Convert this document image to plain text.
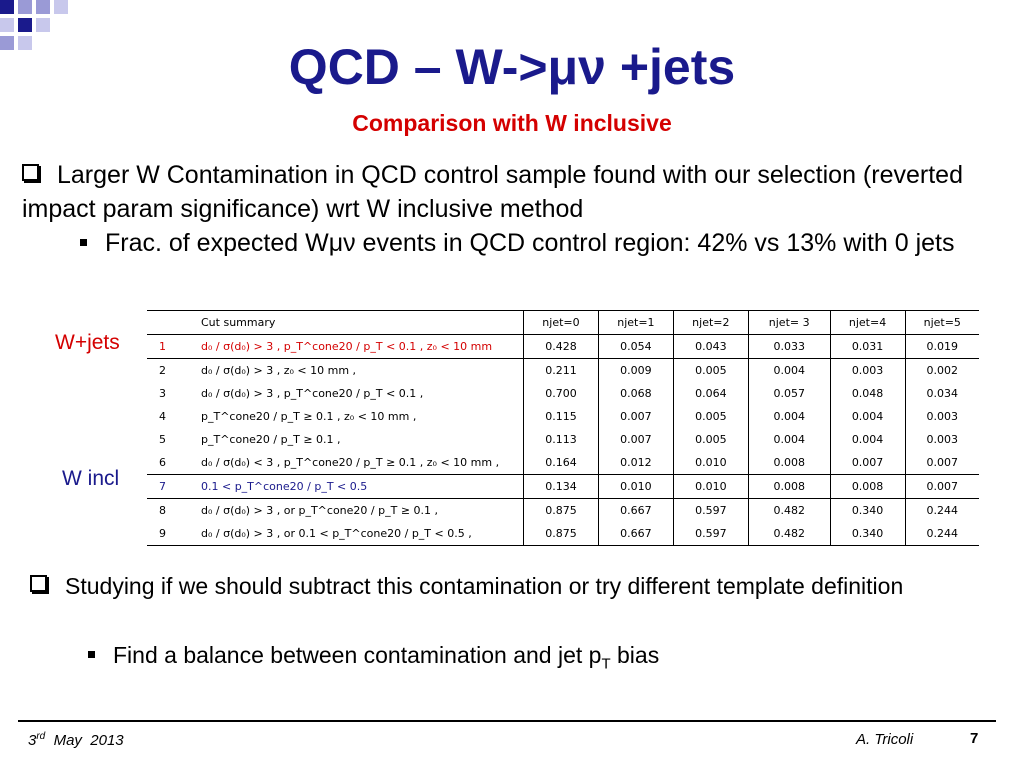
QCD – W->μν +jets
Comparison with W inclusive
Larger W Contamination in QCD control sample found with our selection (reverted impact param significance) wrt W inclusive method
Frac. of expected Wμν events in QCD control region: 42% vs 13% with 0 jets
W+jets
W incl
	Cut summary	njet=0	njet=1	njet=2	njet= 3	njet=4	njet=5
1	d₀ / σ(d₀) > 3 , p_T^cone20 / p_T < 0.1 , z₀ < 10 mm	0.428	0.054	0.043	0.033	0.031	0.019
2	d₀ / σ(d₀) > 3 , z₀ < 10 mm ,	0.211	0.009	0.005	0.004	0.003	0.002
3	d₀ / σ(d₀) > 3 , p_T^cone20 / p_T < 0.1 ,	0.700	0.068	0.064	0.057	0.048	0.034
4	p_T^cone20 / p_T ≥ 0.1 , z₀ < 10 mm ,	0.115	0.007	0.005	0.004	0.004	0.003
5	p_T^cone20 / p_T ≥ 0.1 ,	0.113	0.007	0.005	0.004	0.004	0.003
6	d₀ / σ(d₀) < 3 , p_T^cone20 / p_T ≥ 0.1 , z₀ < 10 mm ,	0.164	0.012	0.010	0.008	0.007	0.007
7	0.1 < p_T^cone20 / p_T < 0.5	0.134	0.010	0.010	0.008	0.008	0.007
8	d₀ / σ(d₀) > 3 , or p_T^cone20 / p_T ≥ 0.1 ,	0.875	0.667	0.597	0.482	0.340	0.244
9	d₀ / σ(d₀) > 3 , or 0.1 < p_T^cone20 / p_T < 0.5 ,	0.875	0.667	0.597	0.482	0.340	0.244
Studying if we should subtract this contamination or try different template definition
Find a balance between contamination and jet $p_T$ bias
3rd  May  2013	A. Tricoli	7
